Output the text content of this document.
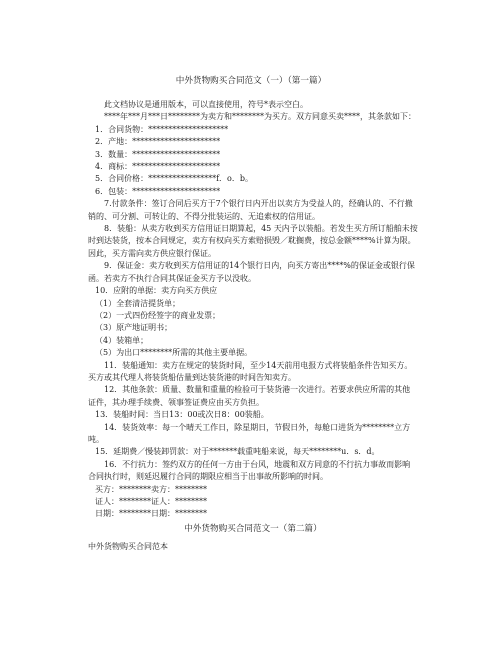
中外货物购买合同范文（一）（第一篇）

此文档协议是通用版本，可以直接使用，符号*表示空白。

****年***月***日********为卖方和********为买方。双方同意买卖****，其条款如下：

1．合同货物：********************

2．产地：**********************

3．数量：**********************

4．商标：**********************

5．合同价格：*****************f．o．b。

6．包装：**********************

7.付款条件：签订合同后买方于7个银行日内开出以卖方为受益人的，经确认的、不行撤销的、可分割、可转让的、不得分批装运的、无追索权的信用证。

8．装船：从卖方收到买方信用证日期算起，45 天内予以装船。若发生买方所订船舶未按时到达装货，按本合同规定，卖方有权向买方索赔损毁／耽搁费，按总金额****%计算为限。因此，买方需向卖方供应银行保证。

9．保证金：卖方收到买方信用证的14个银行日内，向买方寄出****%的保证金或银行保函。若卖方不执行合同其保证金买方予以没收。

10．应附的单据：卖方向买方供应

（1）全套清洁提货单；

（2）一式四份经签字的商业发票；

（3）原产地证明书；

（4）装箱单；

（5）为出口********所需的其他主要单据。

11．装船通知：卖方在规定的装货时间，至少14天前用电报方式将装船条件告知买方。买方或其代理人将装货船估量到达装货港的时间告知卖方。

12．其他条款：质量、数量和重量的检验可于装货港一次进行。若要求供应所需的其他证件，其办理手续费、领事签证费应由买方负担。

13．装船时间：当日13：00或次日8：00装船。

14．装货效率：每一个晴天工作日，除星期日，节假日外，每舱口进货为********立方吨。

15．延期费／慢装卸罚款：对于*******载重吨船来说，每天********u．s．d。

16．不行抗力：签约双方的任何一方由于台风，地震和双方同意的不行抗力事故而影响合同执行时，则延迟履行合同的期限应相当于出事故所影响的时间。

买方：********卖方：********

证人：********证人：********

日期：********日期：********

中外货物购买合同范文一（第二篇）

中外货物购买合同范本
